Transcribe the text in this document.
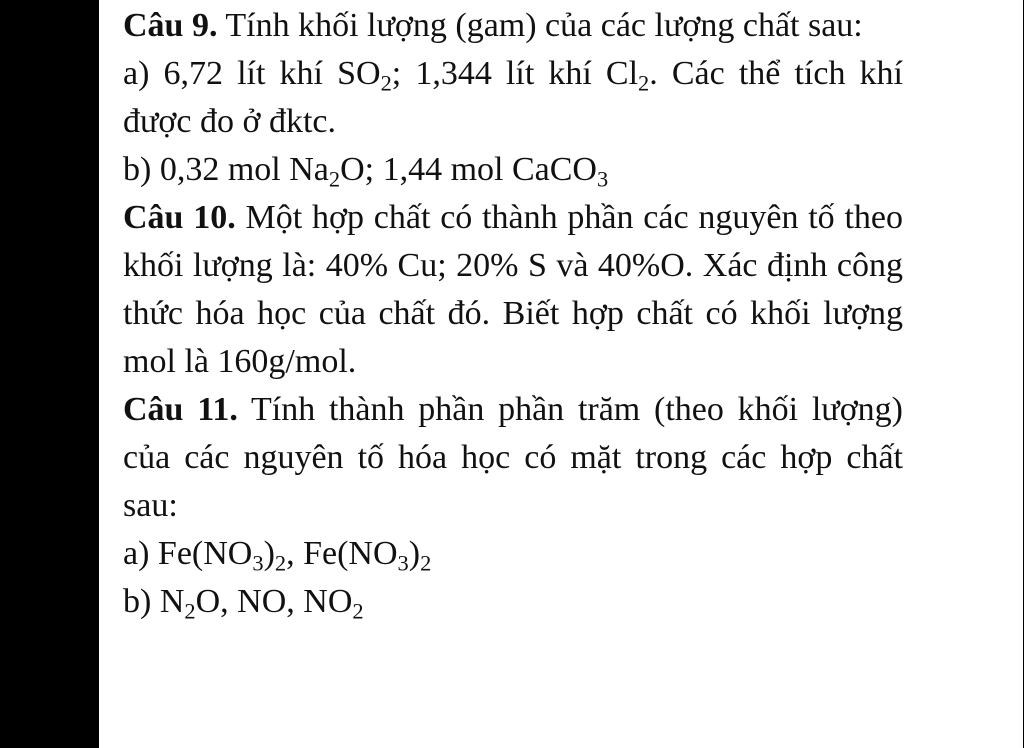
Câu 9. Tính khối lượng (gam) của các lượng chất sau:

a) 6,72 lít khí $SO_2$; 1,344 lít khí $Cl_2$. Các thể tích khí được đo ở đktc.

b) 0,32 mol $Na_2O$; 1,44 mol CaCO$_3$

Câu 10. Một hợp chất có thành phần các nguyên tố theo khối lượng là: 40% Cu; 20% S và 40%O. Xác định công thức hóa học của chất đó. Biết hợp chất có khối lượng mol là 160g/mol.

Câu 11. Tính thành phần phần trăm (theo khối lượng) của các nguyên tố hóa học có mặt trong các hợp chất sau:

a) $Fe(NO_3)_2$, $Fe(NO_3)_2$

b) $N_2O$, NO, $NO_2$
